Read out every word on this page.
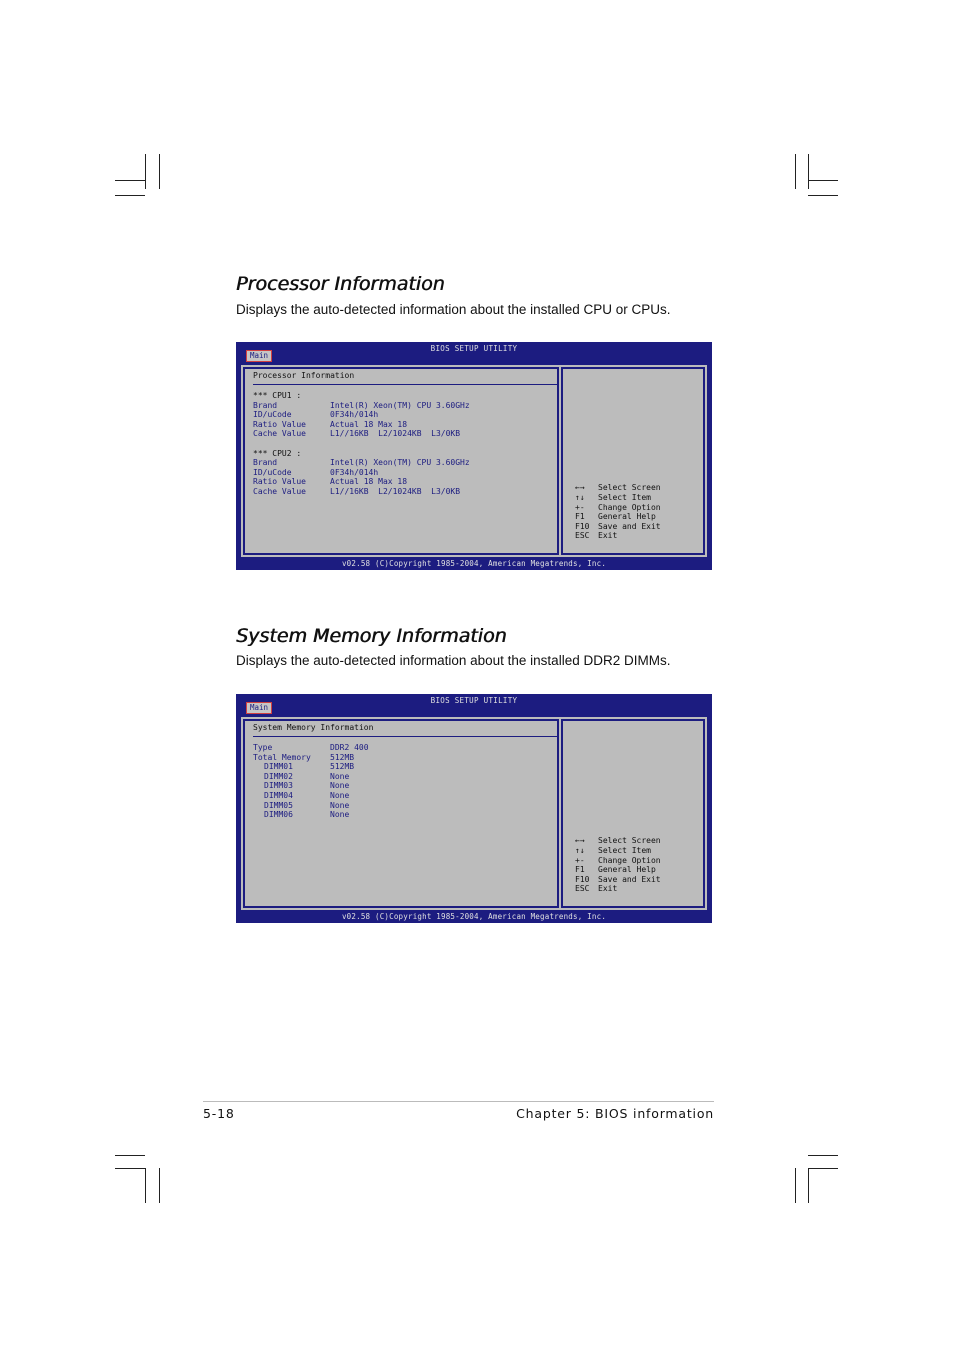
Processor Information

Displays the auto-detected information about the installed CPU or CPUs.

BIOS SETUP UTILITY
Main
Processor Information
*** CPU1 :
Brand	Intel(R) Xeon(TM) CPU 3.60GHz
ID/uCode	0F34h/014h
Ratio Value	Actual 18 Max 18
Cache Value	L1//16KB  L2/1024KB  L3/0KB
*** CPU2 :
Brand	Intel(R) Xeon(TM) CPU 3.60GHz
ID/uCode	0F34h/014h
Ratio Value	Actual 18 Max 18
Cache Value	L1//16KB  L2/1024KB  L3/0KB	←→ Select Screen
↑↓ Select Item
+- Change Option
F1 General Help
F10 Save and Exit
ESC Exit
v02.58 (C)Copyright 1985-2004, American Megatrends, Inc.
System Memory Information

Displays the auto-detected information about the installed DDR2 DIMMs.

BIOS SETUP UTILITY
Main
System Memory Information
Type	DDR2 400
Total Memory 512MB
DIMM01	512MB
DIMM02	None
DIMM03	None
DIMM04	None
DIMM05	None
DIMM06	None
←→ Select Screen
↑↓ Select Item
+- Change Option
F1 General Help
F10 Save and Exit
ESC Exit
v02.58 (C)Copyright 1985-2004, American Megatrends, Inc.
5-18	Chapter 5: BIOS information
